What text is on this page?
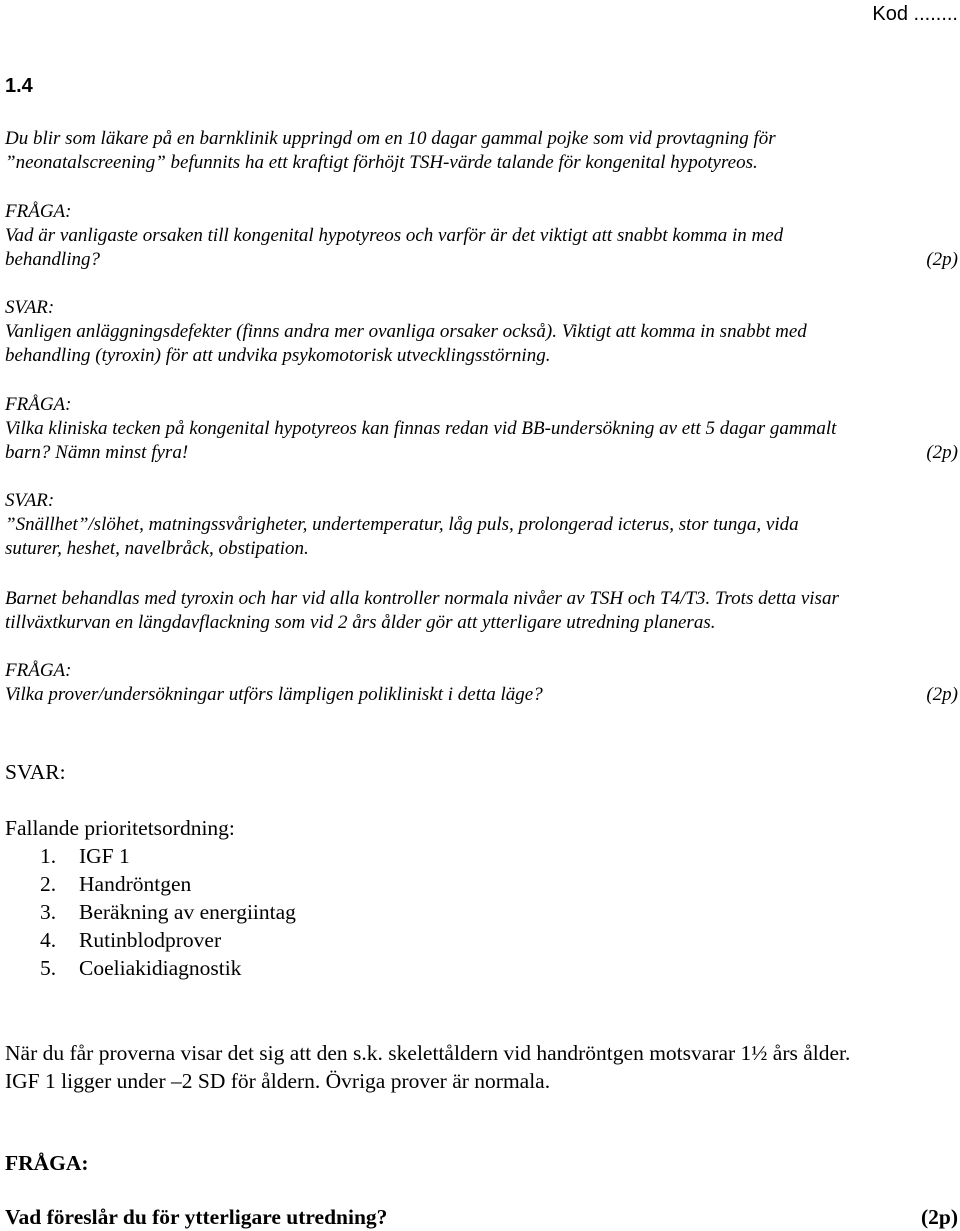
Kod ........
1.4
Du blir som läkare på en barnklinik uppringd om en 10 dagar gammal pojke som vid provtagning för
”neonatalscreening” befunnits ha ett kraftigt förhöjt TSH-värde talande för kongenital hypotyreos.
FRÅGA:
Vad är vanligaste orsaken till kongenital hypotyreos och varför är det viktigt att snabbt komma in med
behandling?	(2p)
SVAR:
Vanligen anläggningsdefekter (finns andra mer ovanliga orsaker också). Viktigt att komma in snabbt med
behandling (tyroxin) för att undvika psykomotorisk utvecklingsstörning.
FRÅGA:
Vilka kliniska tecken på kongenital hypotyreos kan finnas redan vid BB-undersökning av ett 5 dagar gammalt
barn? Nämn minst fyra!	(2p)
SVAR:
”Snällhet”/slöhet, matningssvårigheter, undertemperatur, låg puls, prolongerad icterus, stor tunga, vida
suturer, heshet, navelbråck, obstipation.
Barnet behandlas med tyroxin och har vid alla kontroller normala nivåer av TSH och T4/T3. Trots detta visar
tillväxtkurvan en längdavflackning som vid 2 års ålder gör att ytterligare utredning planeras.
FRÅGA:
Vilka prover/undersökningar utförs lämpligen polikliniskt i detta läge?	(2p)
SVAR:
Fallande prioritetsordning:
1. IGF 1
2. Handröntgen
3. Beräkning av energiintag
4. Rutinblodprover
5. Coeliakidiagnostik
När du får proverna visar det sig att den s.k. skelettåldern vid handröntgen motsvarar 1½ års ålder.
IGF 1 ligger under –2 SD för åldern. Övriga prover är normala.
FRÅGA:
Vad föreslår du för ytterligare utredning?	(2p)
